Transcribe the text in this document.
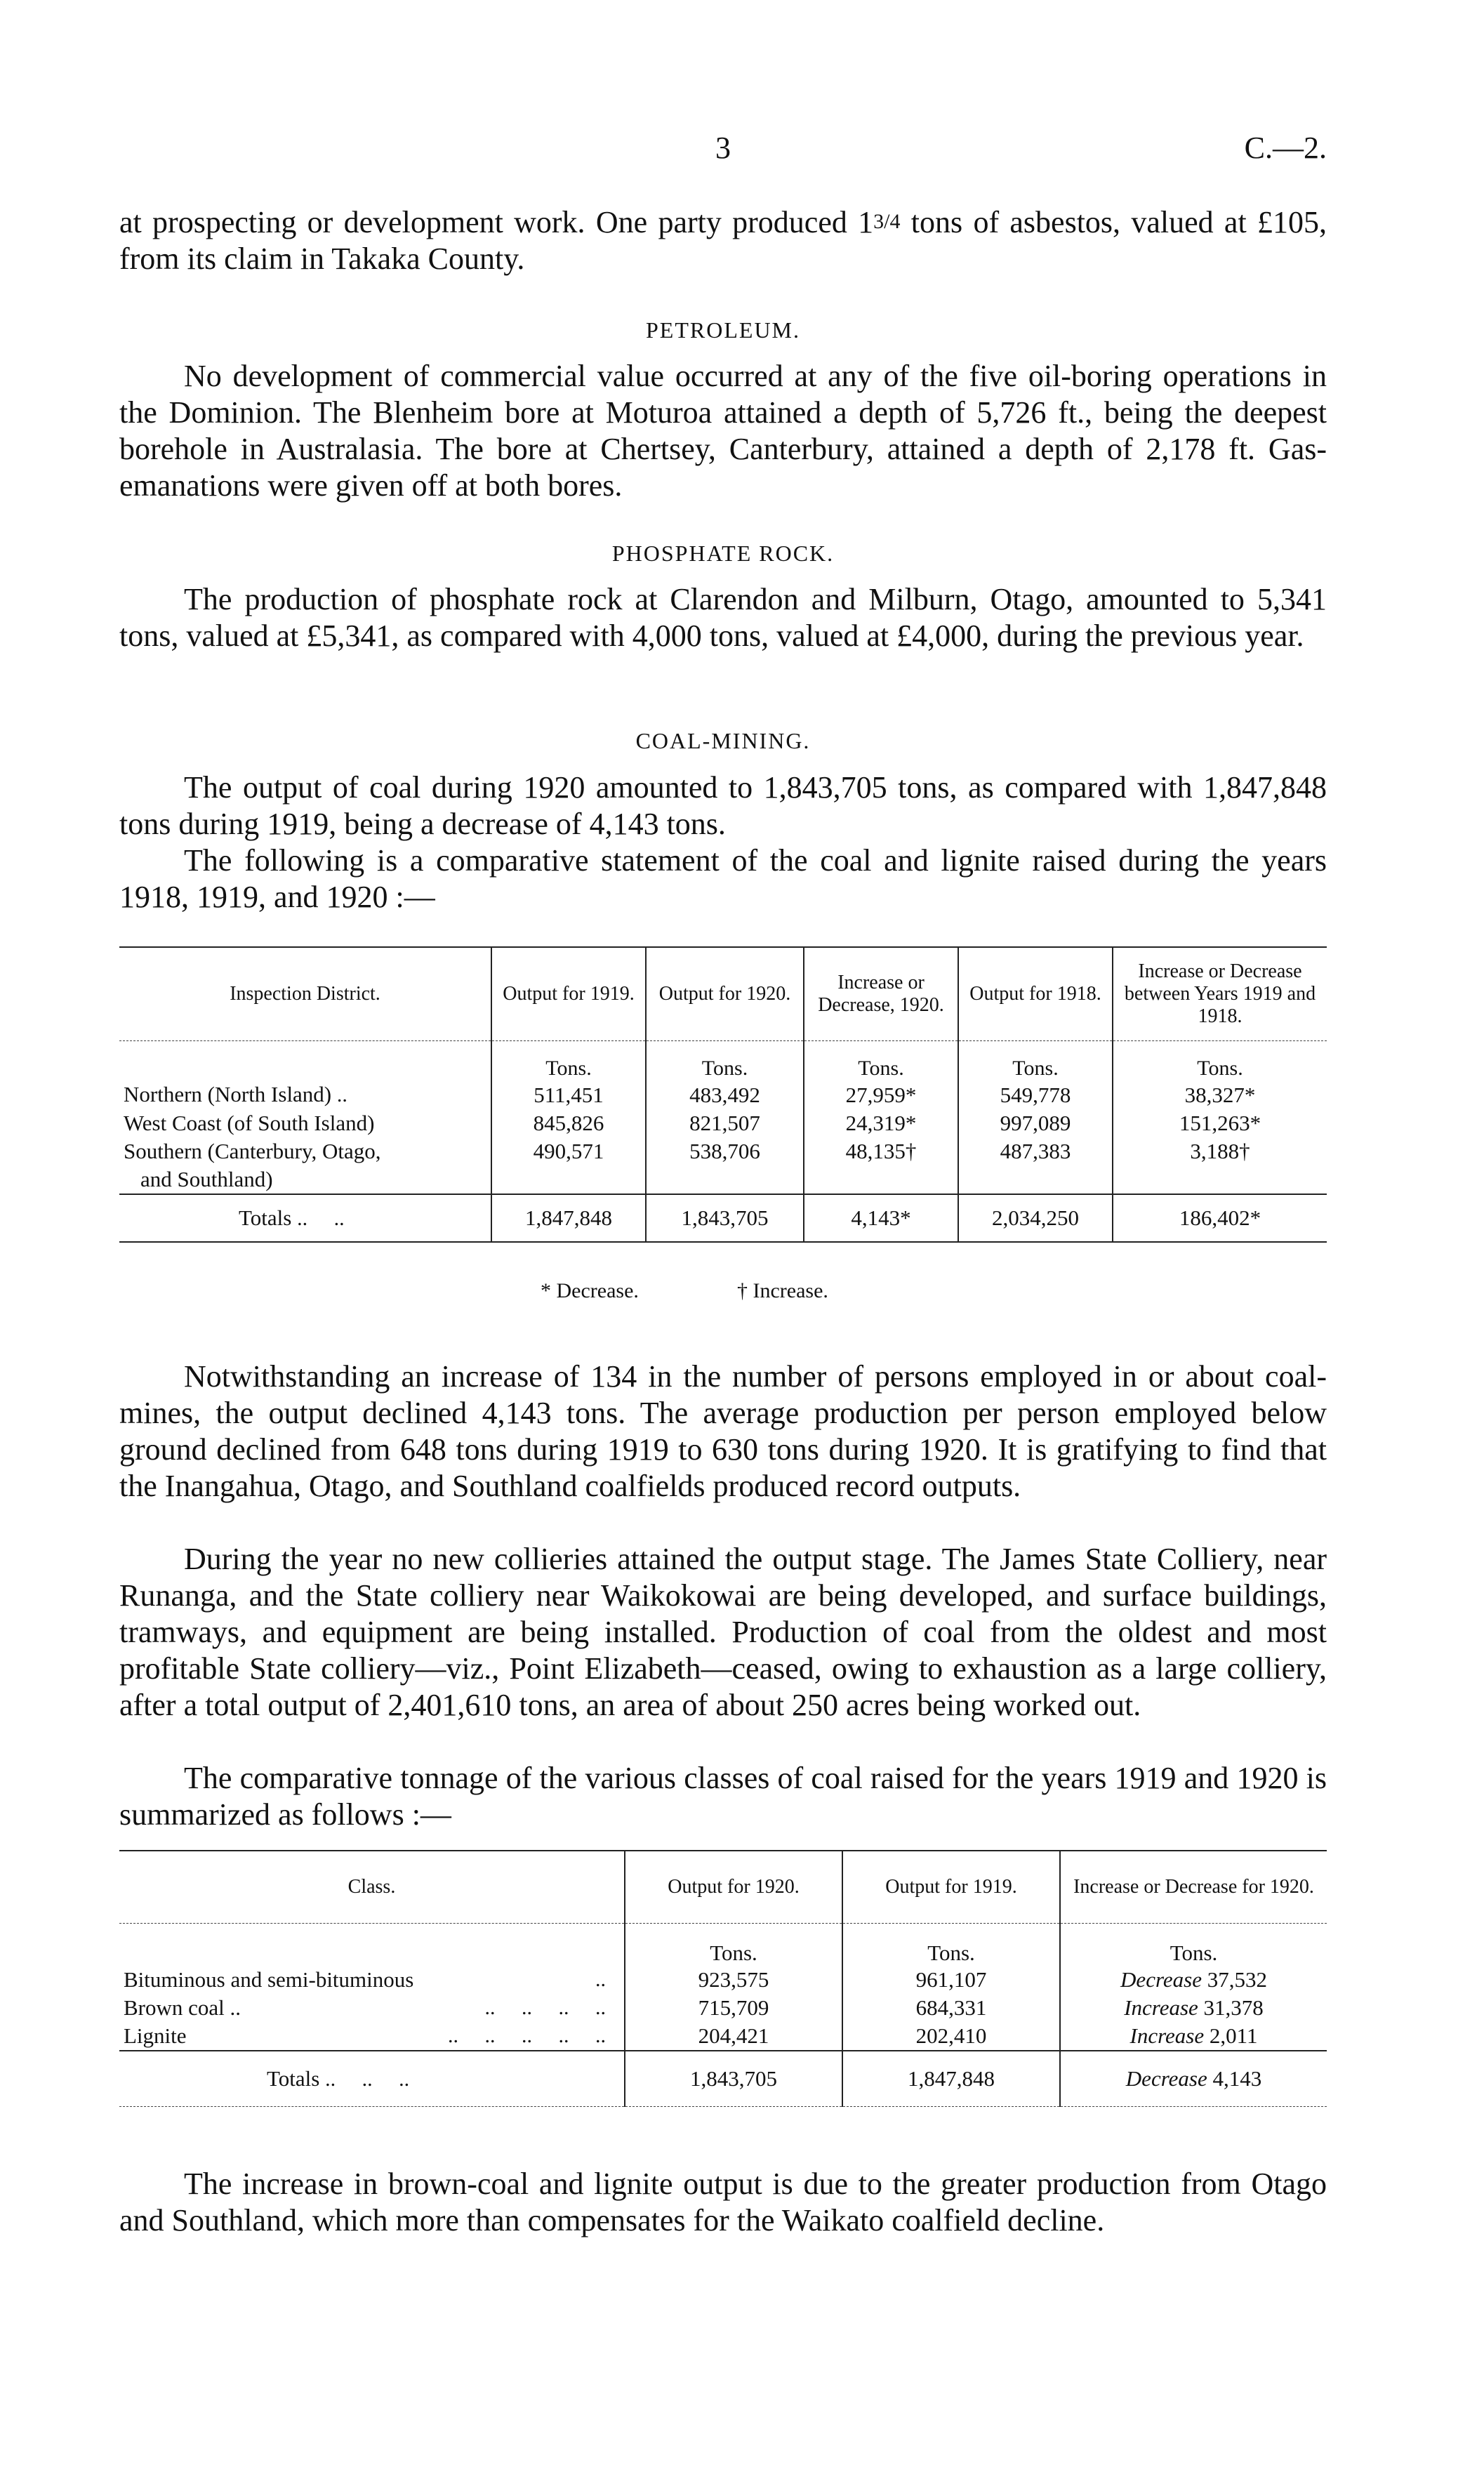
3	C.—2.

at prospecting or development work. One party produced 13/4 tons of asbestos, valued at £105, from its claim in Takaka County.

PETROLEUM.

No development of commercial value occurred at any of the five oil-boring operations in the Dominion. The Blenheim bore at Moturoa attained a depth of 5,726 ft., being the deepest borehole in Australasia. The bore at Chertsey, Canterbury, attained a depth of 2,178 ft. Gas-emanations were given off at both bores.

PHOSPHATE ROCK.

The production of phosphate rock at Clarendon and Milburn, Otago, amounted to 5,341 tons, valued at £5,341, as compared with 4,000 tons, valued at £4,000, during the previous year.

COAL-MINING.

The output of coal during 1920 amounted to 1,843,705 tons, as compared with 1,847,848 tons during 1919, being a decrease of 4,143 tons.

The following is a comparative statement of the coal and lignite raised during the years 1918, 1919, and 1920 :—

Inspection District.	Output for 1919.	Output for 1920.	Increase or Decrease, 1920.	Output for 1918.	Increase or Decrease between Years 1919 and 1918.
	Tons.	Tons.	Tons.	Tons.	Tons.
Northern (North Island) ..	511,451	483,492	27,959*	549,778	38,327*
West Coast (of South Island)	845,826	821,507	24,319*	997,089	151,263*
Southern (Canterbury, Otago,	490,571	538,706	48,135†	487,383	3,188†
and Southland)					
Totals ..     ..	1,847,848	1,843,705	4,143*	2,034,250	186,402*
* Decrease.	† Increase.

Notwithstanding an increase of 134 in the number of persons employed in or about coal-mines, the output declined 4,143 tons. The average production per person employed below ground declined from 648 tons during 1919 to 630 tons during 1920. It is gratifying to find that the Inangahua, Otago, and Southland coalfields produced record outputs.

During the year no new collieries attained the output stage. The James State Colliery, near Runanga, and the State colliery near Waikokowai are being developed, and surface buildings, tramways, and equipment are being installed. Production of coal from the oldest and most profitable State colliery—viz., Point Elizabeth—ceased, owing to exhaustion as a large colliery, after a total output of 2,401,610 tons, an area of about 250 acres being worked out.

The comparative tonnage of the various classes of coal raised for the years 1919 and 1920 is summarized as follows :—

Class.	Output for 1920.	Output for 1919.	Increase or Decrease for 1920.
	Tons.	Tons.	Tons.
Bituminous and semi-bituminous ..	923,575	961,107	Decrease 37,532
Brown coal .. ..     ..     ..     ..	715,709	684,331	Increase 31,378
Lignite ..     ..     ..     ..     ..	204,421	202,410	Increase 2,011
Totals ..     ..     ..	1,843,705	1,847,848	Decrease 4,143

The increase in brown-coal and lignite output is due to the greater production from Otago and Southland, which more than compensates for the Waikato coalfield decline.
